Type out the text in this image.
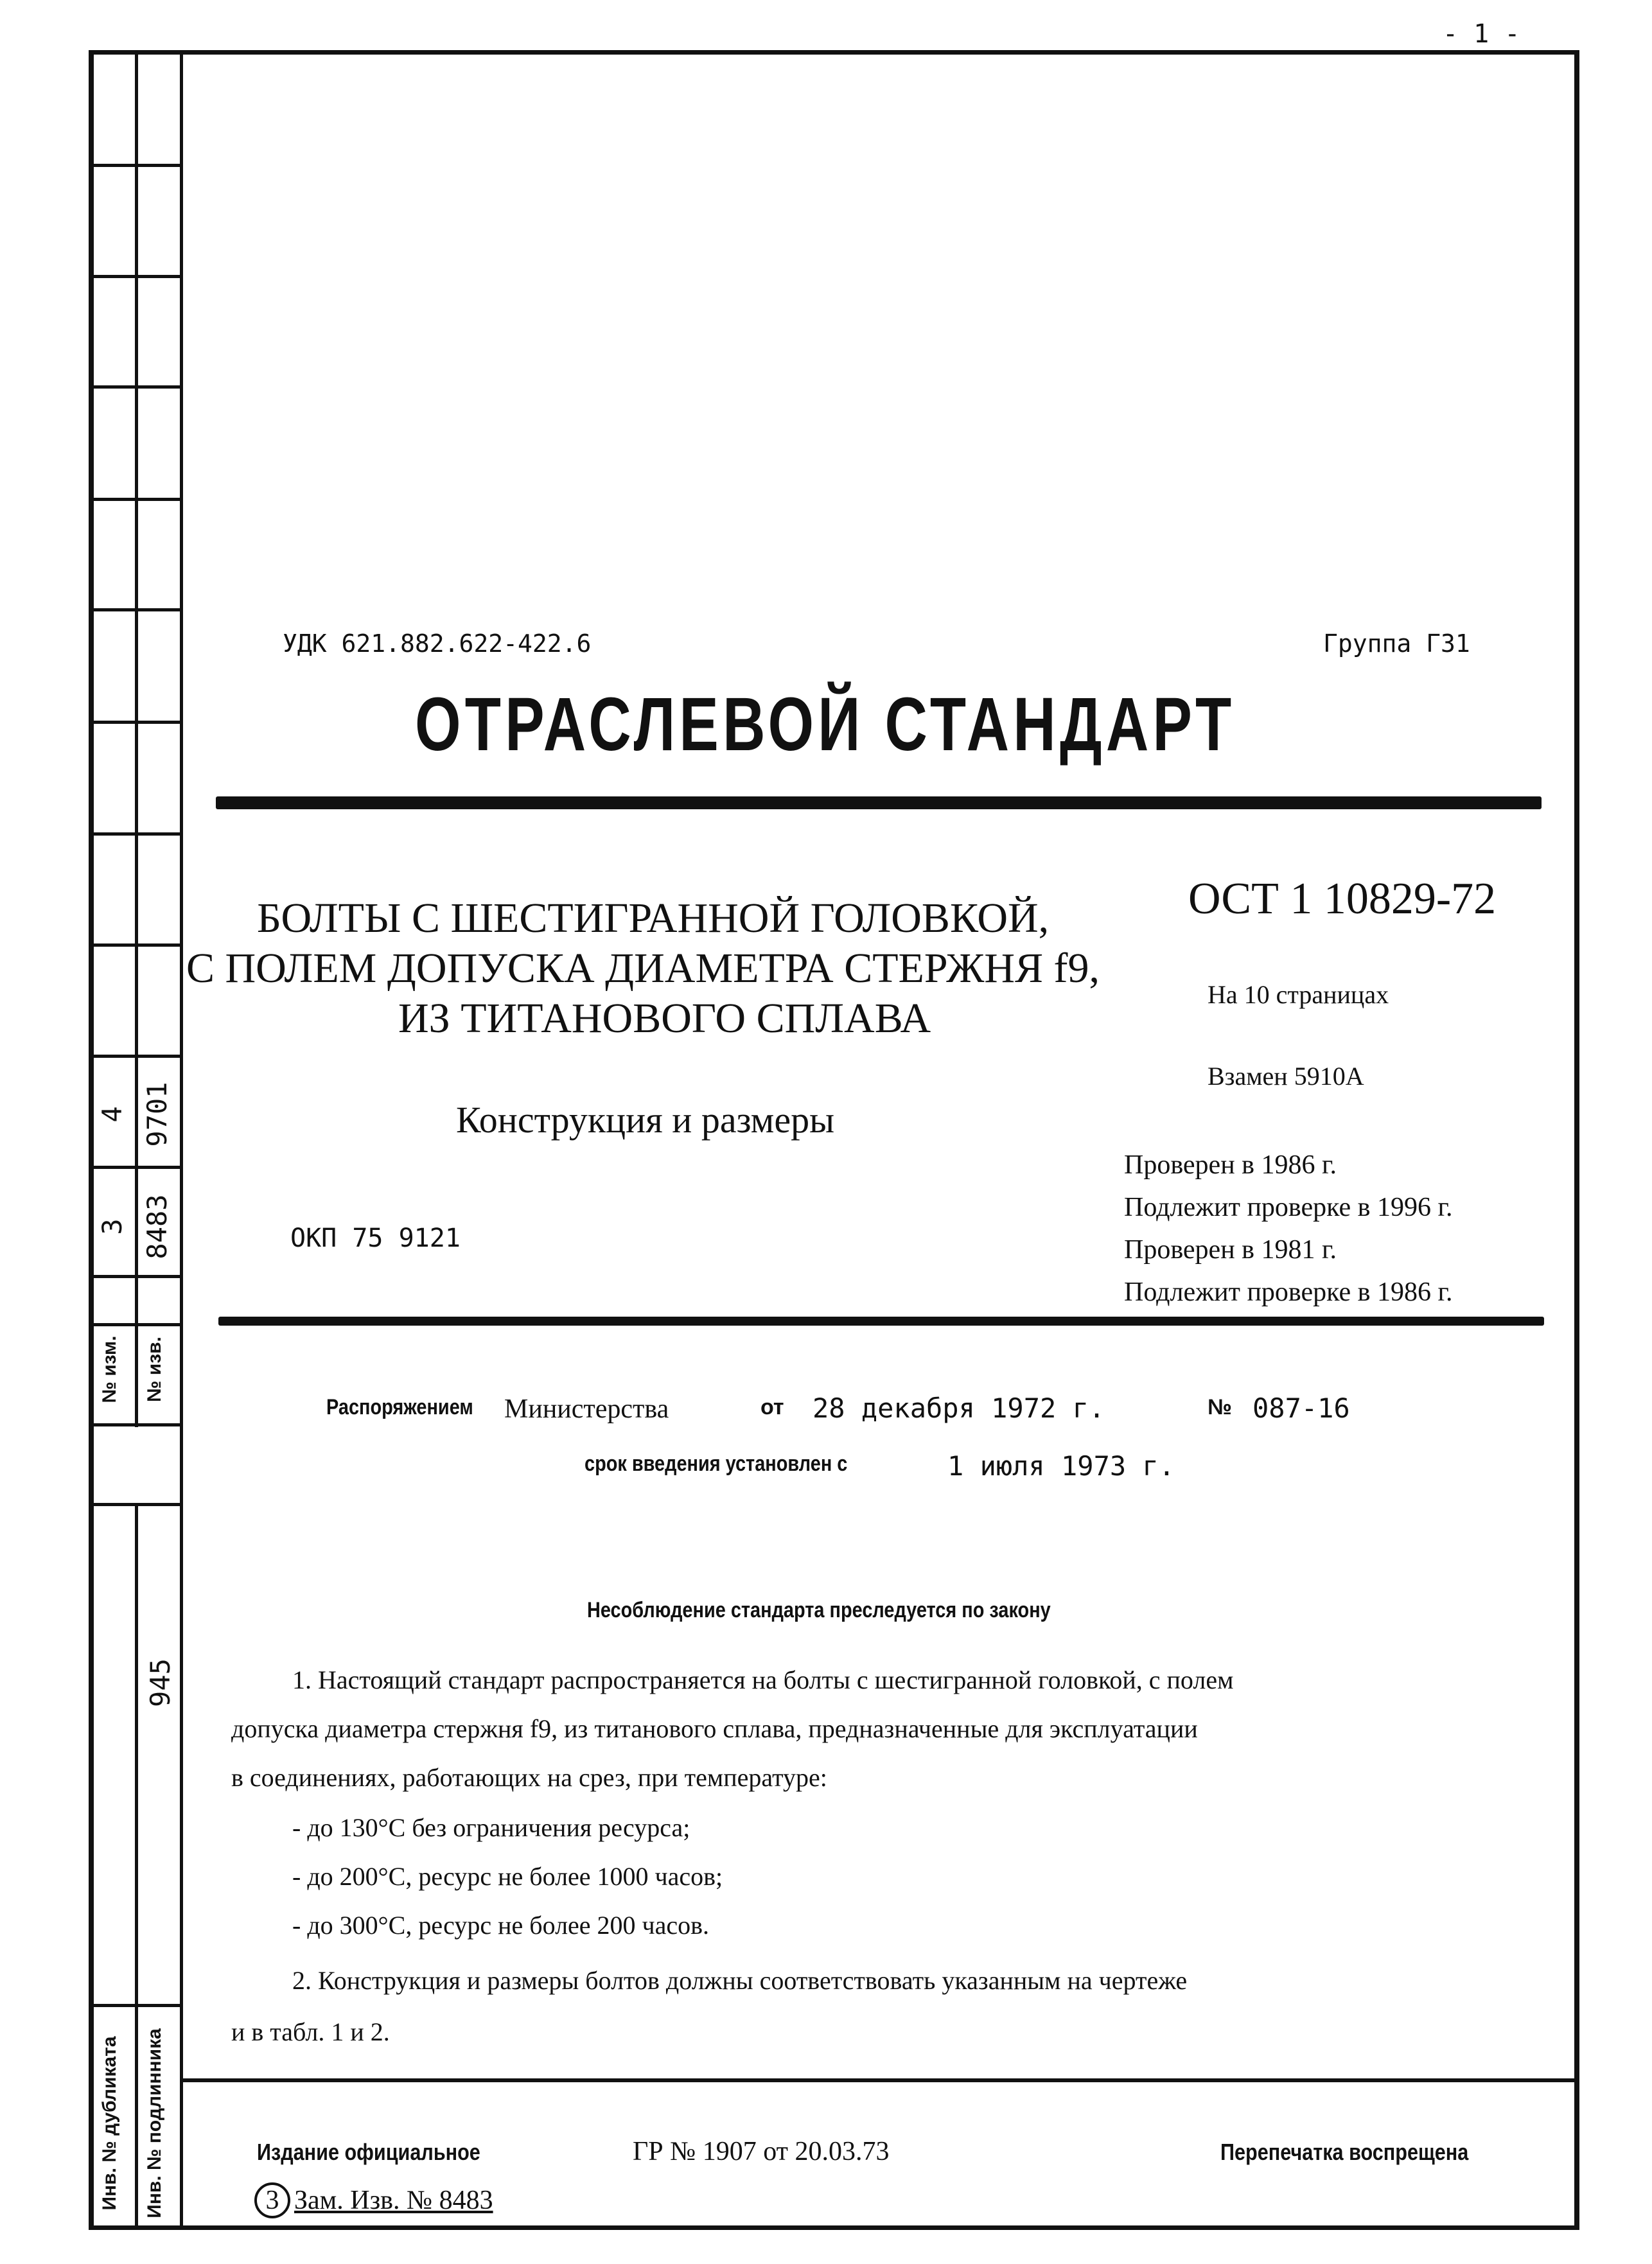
- 1 -
4 9701
3 8483
№ изм.	№ изв.
945
Инв. № дубликата	Инв. № подлинника
УДК 621.882.622-422.6	Группа Г31
ОТРАСЛЕВОЙ СТАНДАРТ
БОЛТЫ С ШЕСТИГРАННОЙ ГОЛОВКОЙ,
С ПОЛЕМ ДОПУСКА ДИАМЕТРА СТЕРЖНЯ f9,
ИЗ ТИТАНОВОГО СПЛАВА
Конструкция и размеры
ОСТ 1 10829-72
На 10 страницах
Взамен 5910А
Проверен в 1986 г.
Подлежит проверке в 1996 г.
Проверен в 1981 г.
Подлежит проверке в 1986 г.
ОКП 75 9121
Распоряжением Министерства	от 28 декабря 1972 г.	№ 087-16
срок введения установлен с	1 июля 1973 г.
Несоблюдение стандарта преследуется по закону
1. Настоящий стандарт распространяется на болты с шестигранной головкой, с полем
допуска диаметра стержня f9, из титанового сплава, предназначенные для эксплуатации
в соединениях, работающих на срез, при температуре:
- до 130°С без ограничения ресурса;
- до 200°С, ресурс не более 1000 часов;
- до 300°С, ресурс не более 200 часов.
2. Конструкция и размеры болтов должны соответствовать указанным на чертеже
и в табл. 1 и 2.
Издание официальное	ГР № 1907 от 20.03.73	Перепечатка воспрещена
3 Зам. Изв. № 8483
